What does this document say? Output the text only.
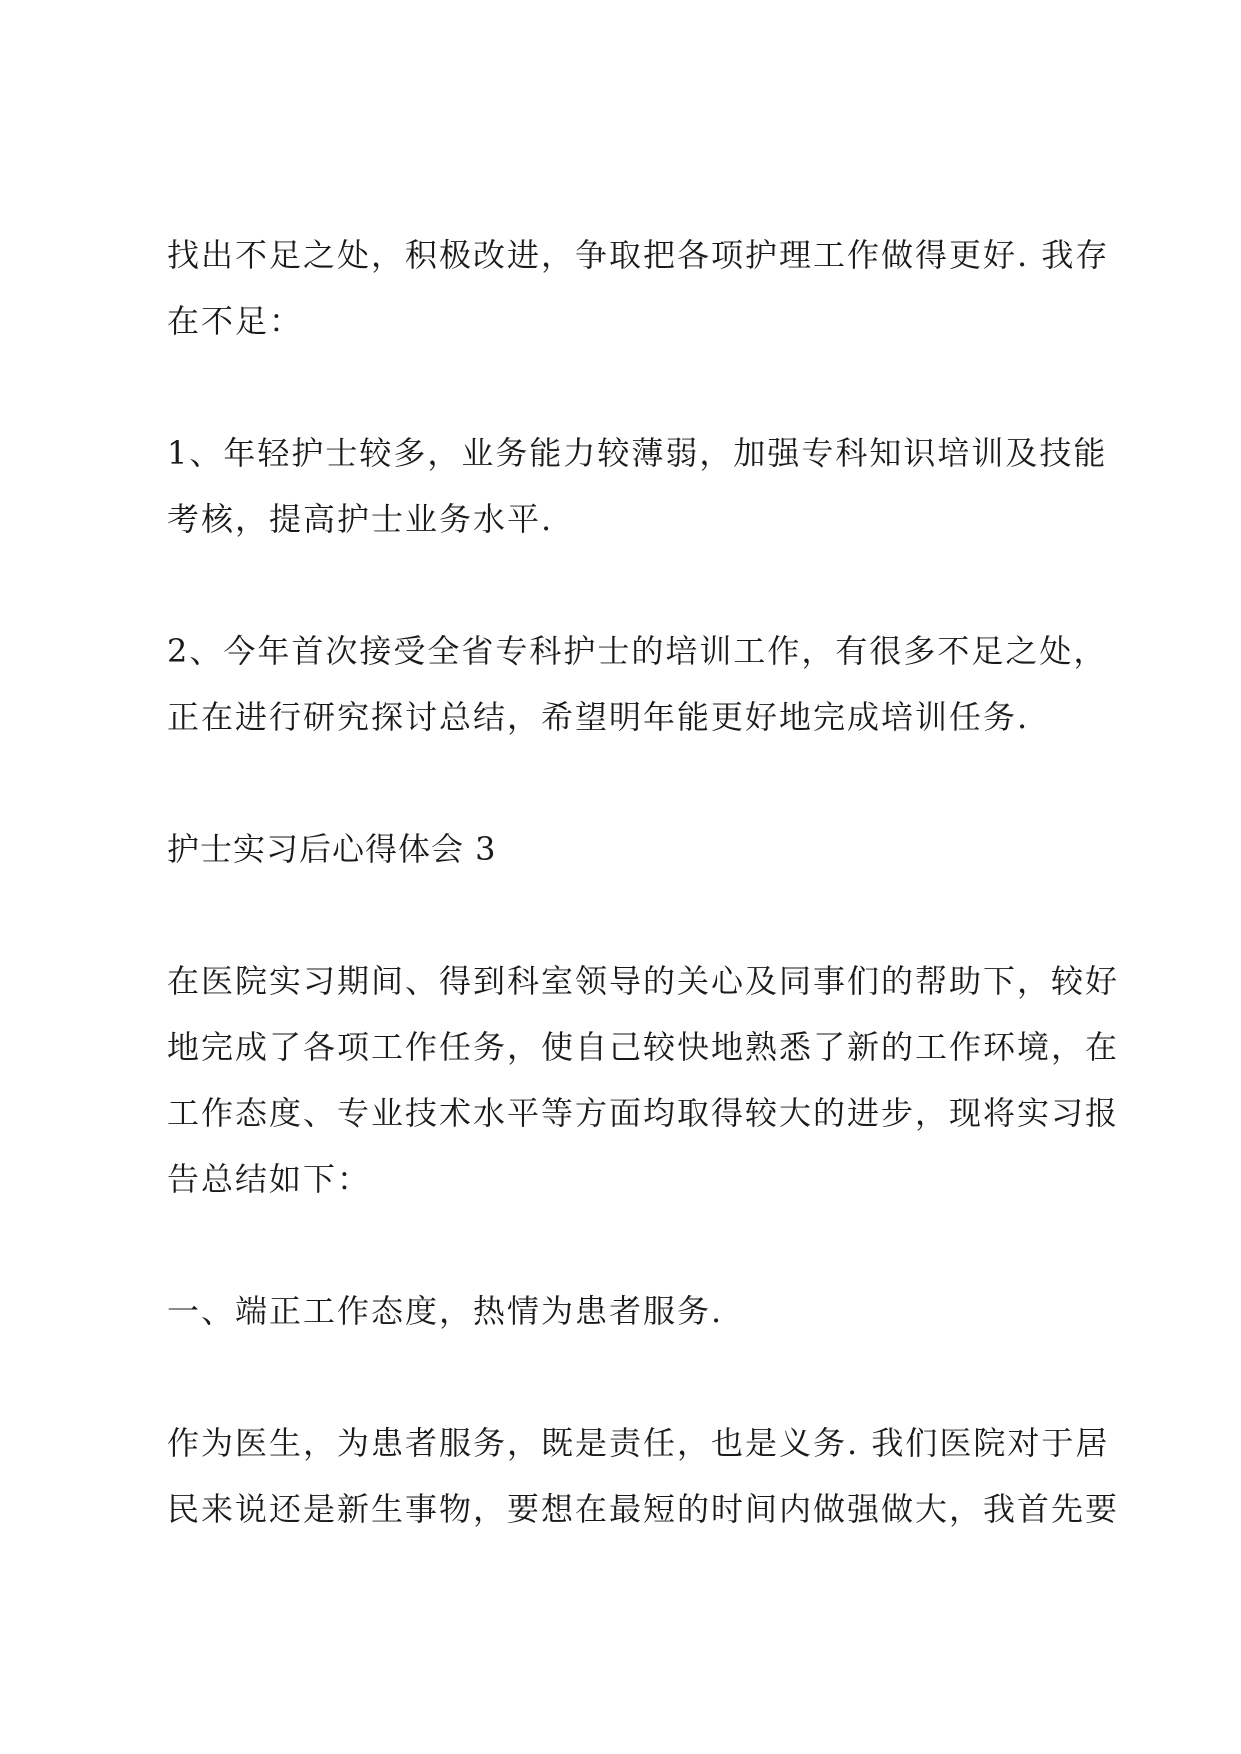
找出不足之处，积极改进，争取把各项护理工作做得更好. 我存
在不足：

1、年轻护士较多，业务能力较薄弱，加强专科知识培训及技能
考核，提高护士业务水平.

2、今年首次接受全省专科护士的培训工作，有很多不足之处，
正在进行研究探讨总结，希望明年能更好地完成培训任务.

护士实习后心得体会 3

在医院实习期间、得到科室领导的关心及同事们的帮助下，较好
地完成了各项工作任务，使自己较快地熟悉了新的工作环境，在
工作态度、专业技术水平等方面均取得较大的进步，现将实习报
告总结如下：

一、端正工作态度，热情为患者服务.

作为医生，为患者服务，既是责任，也是义务. 我们医院对于居
民来说还是新生事物，要想在最短的时间内做强做大，我首先要
